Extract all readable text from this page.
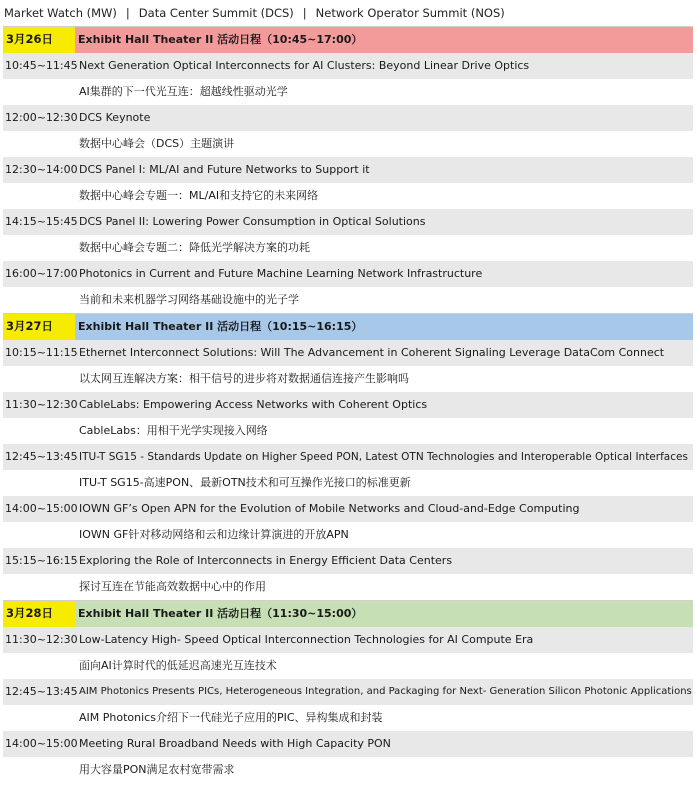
Market Watch (MW) | Data Center Summit (DCS) | Network Operator Summit (NOS)
3月26日	Exhibit Hall Theater II 活动日程（10:45~17:00）
10:45~11:45 Next Generation Optical Interconnects for AI Clusters: Beyond Linear Drive Optics
AI集群的下一代光互连：超越线性驱动光学
12:00~12:30 DCS Keynote
数据中心峰会（DCS）主题演讲
12:30~14:00 DCS Panel I: ML/AI and Future Networks to Support it
数据中心峰会专题一：ML/AI和支持它的未来网络
14:15~15:45 DCS Panel II: Lowering Power Consumption in Optical Solutions
数据中心峰会专题二：降低光学解决方案的功耗
16:00~17:00 Photonics in Current and Future Machine Learning Network Infrastructure
当前和未来机器学习网络基础设施中的光子学
3月27日	Exhibit Hall Theater II 活动日程（10:15~16:15）
10:15~11:15 Ethernet Interconnect Solutions: Will The Advancement in Coherent Signaling Leverage DataCom Connect
以太网互连解决方案：相干信号的进步将对数据通信连接产生影响吗
11:30~12:30 CableLabs: Empowering Access Networks with Coherent Optics
CableLabs：用相干光学实现接入网络
12:45~13:45 ITU-T SG15 - Standards Update on Higher Speed PON, Latest OTN Technologies and Interoperable Optical Interfaces
ITU-T SG15-高速PON、最新OTN技术和可互操作光接口的标准更新
14:00~15:00 IOWN GF’s Open APN for the Evolution of Mobile Networks and Cloud-and-Edge Computing
IOWN GF针对移动网络和云和边缘计算演进的开放APN
15:15~16:15 Exploring the Role of Interconnects in Energy Efficient Data Centers
探讨互连在节能高效数据中心中的作用
3月28日	Exhibit Hall Theater II 活动日程（11:30~15:00）
11:30~12:30 Low-Latency High- Speed Optical Interconnection Technologies for AI Compute Era
面向AI计算时代的低延迟高速光互连技术
12:45~13:45 AIM Photonics Presents PICs, Heterogeneous Integration, and Packaging for Next- Generation Silicon Photonic Applications
AIM Photonics介绍下一代硅光子应用的PIC、异构集成和封装
14:00~15:00 Meeting Rural Broadband Needs with High Capacity PON
用大容量PON满足农村宽带需求
